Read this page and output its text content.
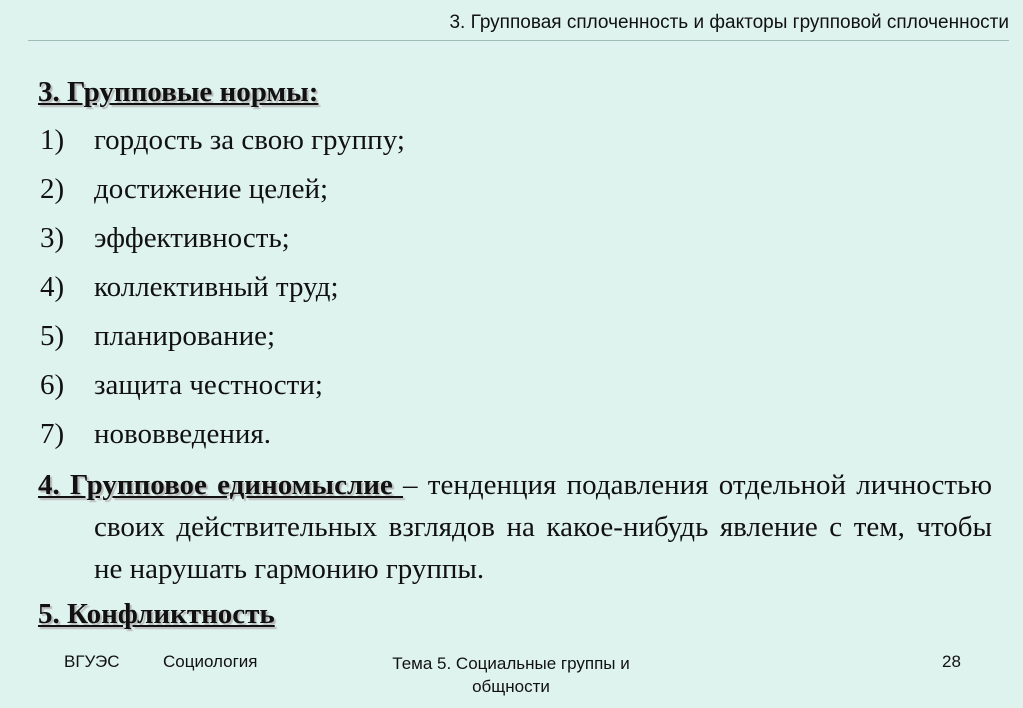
3. Групповая сплоченность и факторы групповой сплоченности
3. Групповые нормы:
1)	гордость за свою группу;
2)	достижение целей;
3)	эффективность;
4)	коллективный труд;
5)	планирование;
6)	защита честности;
7)	нововведения.
4. Групповое единомыслие – тенденция подавления отдельной личностью своих действительных взглядов на какое-нибудь явление с тем, чтобы не нарушать гармонию группы.
5. Конфликтность
ВГУЭС	Социология	Тема 5. Социальные группы и общности
28
